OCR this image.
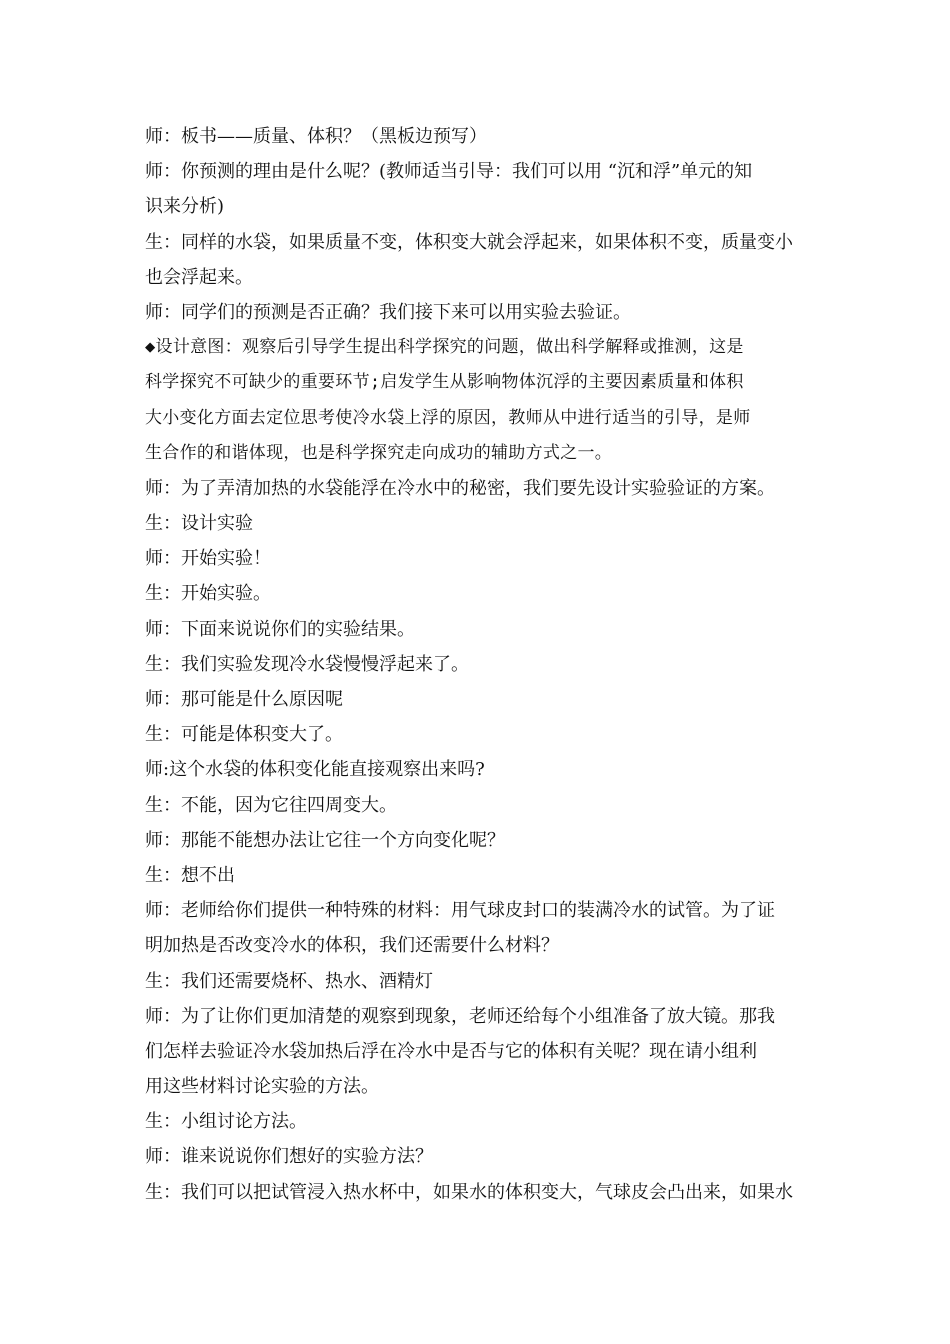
师：板书——质量、体积？（黑板边预写）
师：你预测的理由是什么呢？(教师适当引导：我们可以用 “沉和浮”单元的知
识来分析)
生：同样的水袋，如果质量不变，体积变大就会浮起来，如果体积不变，质量变小
也会浮起来。
师：同学们的预测是否正确？我们接下来可以用实验去验证。
◆设计意图：观察后引导学生提出科学探究的问题，做出科学解释或推测，这是
科学探究不可缺少的重要环节;启发学生从影响物体沉浮的主要因素质量和体积
大小变化方面去定位思考使冷水袋上浮的原因，教师从中进行适当的引导，是师
生合作的和谐体现，也是科学探究走向成功的辅助方式之一。
师：为了弄清加热的水袋能浮在冷水中的秘密，我们要先设计实验验证的方案。
生：设计实验
师：开始实验！
生：开始实验。
师：下面来说说你们的实验结果。
生：我们实验发现冷水袋慢慢浮起来了。
师：那可能是什么原因呢
生：可能是体积变大了。
师:这个水袋的体积变化能直接观察出来吗?
生：不能，因为它往四周变大。
师：那能不能想办法让它往一个方向变化呢？
生：想不出
师：老师给你们提供一种特殊的材料：用气球皮封口的装满冷水的试管。为了证
明加热是否改变冷水的体积，我们还需要什么材料？
生：我们还需要烧杯、热水、酒精灯
师：为了让你们更加清楚的观察到现象，老师还给每个小组准备了放大镜。那我
们怎样去验证冷水袋加热后浮在冷水中是否与它的体积有关呢？现在请小组利
用这些材料讨论实验的方法。
生：小组讨论方法。
师：谁来说说你们想好的实验方法？
生：我们可以把试管浸入热水杯中，如果水的体积变大，气球皮会凸出来，如果水
